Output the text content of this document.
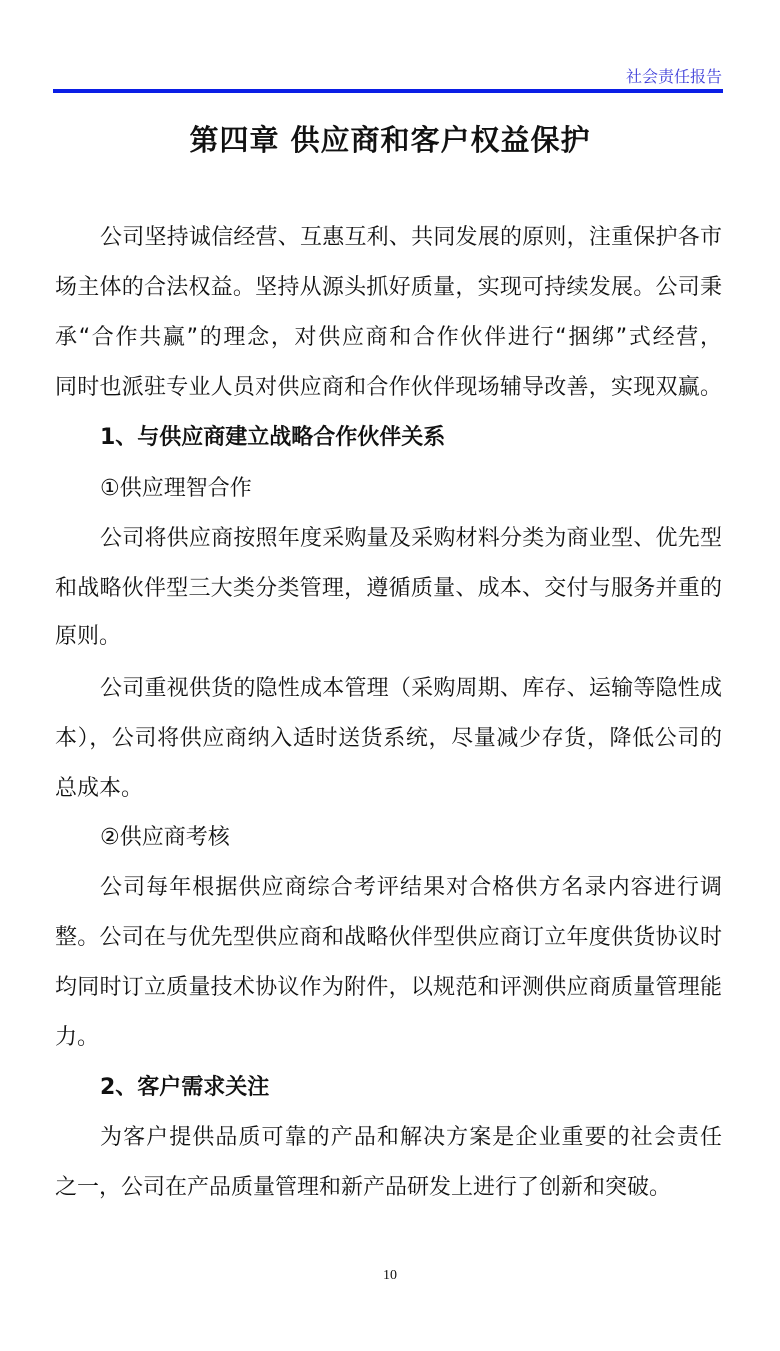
社会责任报告
第四章 供应商和客户权益保护
公司坚持诚信经营、互惠互利、共同发展的原则，注重保护各市
场主体的合法权益。坚持从源头抓好质量，实现可持续发展。公司秉
承“合作共赢”的理念，对供应商和合作伙伴进行“捆绑”式经营，
同时也派驻专业人员对供应商和合作伙伴现场辅导改善，实现双赢。
1、与供应商建立战略合作伙伴关系
①供应理智合作
公司将供应商按照年度采购量及采购材料分类为商业型、优先型
和战略伙伴型三大类分类管理，遵循质量、成本、交付与服务并重的
原则。
公司重视供货的隐性成本管理（采购周期、库存、运输等隐性成
本），公司将供应商纳入适时送货系统，尽量减少存货，降低公司的
总成本。
②供应商考核
公司每年根据供应商综合考评结果对合格供方名录内容进行调
整。公司在与优先型供应商和战略伙伴型供应商订立年度供货协议时
均同时订立质量技术协议作为附件，以规范和评测供应商质量管理能
力。
2、客户需求关注
为客户提供品质可靠的产品和解决方案是企业重要的社会责任
之一，公司在产品质量管理和新产品研发上进行了创新和突破。
10
